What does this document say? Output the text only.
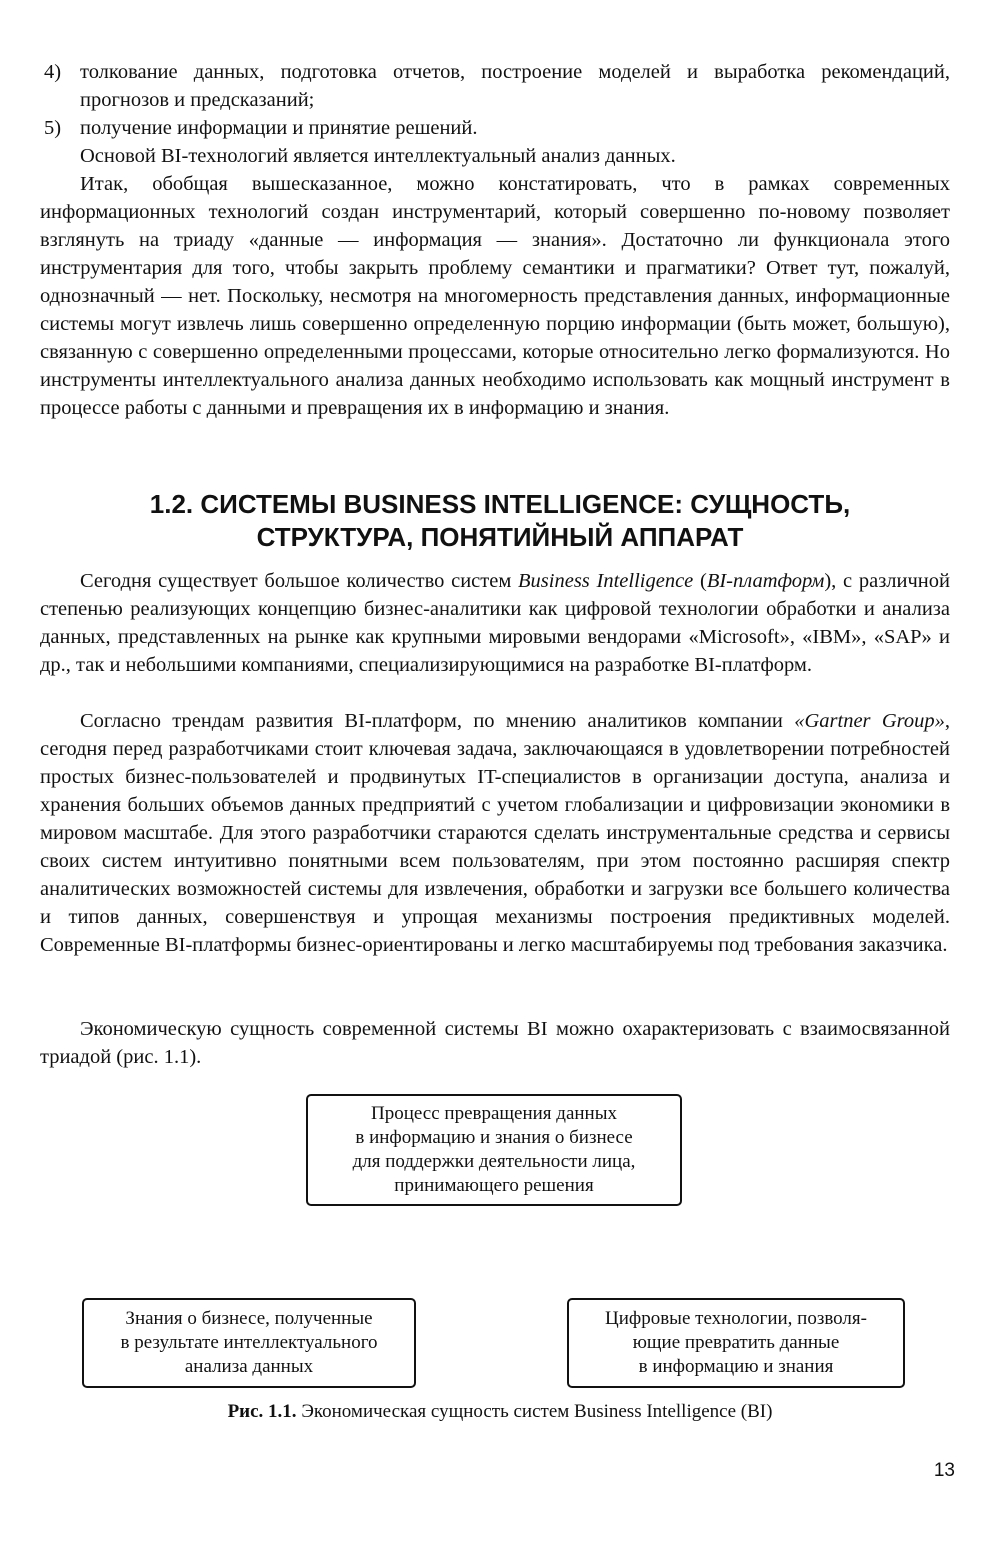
4) толкование данных, подготовка отчетов, построение моделей и выработка рекомендаций, прогнозов и предсказаний;

5) получение информации и принятие решений.

Основой BI-технологий является интеллектуальный анализ данных.

Итак, обобщая вышесказанное, можно констатировать, что в рамках современных информационных технологий создан инструментарий, который совершенно по-новому позволяет взглянуть на триаду «данные — информация — знания». Достаточно ли функционала этого инструментария для того, чтобы закрыть проблему семантики и прагматики? Ответ тут, пожалуй, однозначный — нет. Поскольку, несмотря на многомерность представления данных, информационные системы могут извлечь лишь совершенно определенную порцию информации (быть может, большую), связанную с совершенно определенными процессами, которые относительно легко формализуются. Но инструменты интеллектуального анализа данных необходимо использовать как мощный инструмент в процессе работы с данными и превращения их в информацию и знания.

1.2. СИСТЕМЫ BUSINESS INTELLIGENCE: СУЩНОСТЬ,
СТРУКТУРА, ПОНЯТИЙНЫЙ АППАРАТ

Сегодня существует большое количество систем Business Intelligence (BI-платформ), с различной степенью реализующих концепцию бизнес-аналитики как цифровой технологии обработки и анализа данных, представленных на рынке как крупными мировыми вендорами «Microsoft», «IBM», «SAP» и др., так и небольшими компаниями, специализирующимися на разработке BI-платформ.

Согласно трендам развития BI-платформ, по мнению аналитиков компании «Gartner Group», сегодня перед разработчиками стоит ключевая задача, заключающаяся в удовлетворении потребностей простых бизнес-пользователей и продвинутых IT-специалистов в организации доступа, анализа и хранения больших объемов данных предприятий с учетом глобализации и цифровизации экономики в мировом масштабе. Для этого разработчики стараются сделать инструментальные средства и сервисы своих систем интуитивно понятными всем пользователям, при этом постоянно расширяя спектр аналитических возможностей системы для извлечения, обработки и загрузки все большего количества и типов данных, совершенствуя и упрощая механизмы построения предиктивных моделей. Современные BI-платформы бизнес-ориентированы и легко масштабируемы под требования заказчика.

Экономическую сущность современной системы BI можно охарактеризовать с взаимосвязанной триадой (рис. 1.1).

Процесс превращения данных
в информацию и знания о бизнесе
для поддержки деятельности лица,
принимающего решения
Знания о бизнесе, полученные
в результате интеллектуального
анализа данных
Цифровые технологии, позволя-
ющие превратить данные
в информацию и знания
Рис. 1.1. Экономическая сущность систем Business Intelligence (BI)
13
